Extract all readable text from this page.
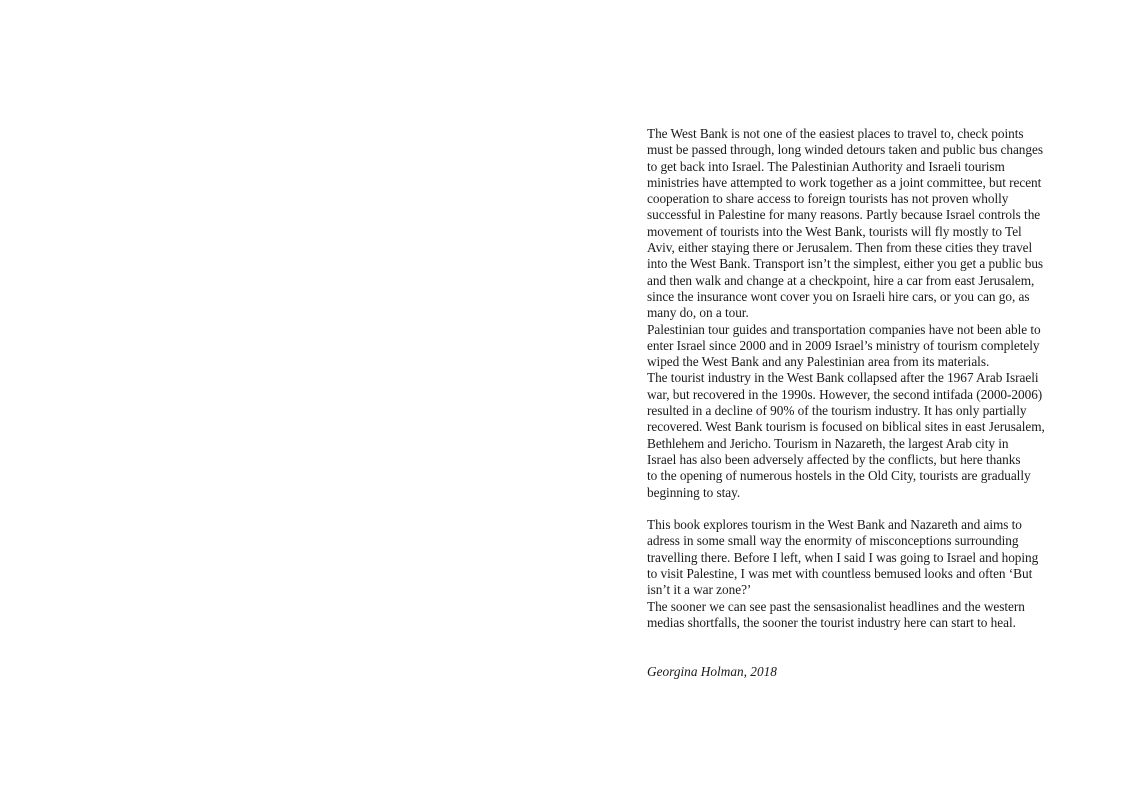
The West Bank is not one of the easiest places to travel to, check points
must be passed through, long winded detours taken and public bus changes
to get back into Israel. The Palestinian Authority and Israeli tourism
ministries have attempted to work together as a joint committee, but recent
cooperation to share access to foreign tourists has not proven wholly
successful in Palestine for many reasons. Partly because Israel controls the
movement of tourists into the West Bank, tourists will fly mostly to Tel
Aviv, either staying there or Jerusalem. Then from these cities they travel
into the West Bank. Transport isn’t the simplest, either you get a public bus
and then walk and change at a checkpoint, hire a car from east Jerusalem,
since the insurance wont cover you on Israeli hire cars, or you can go, as
many do, on a tour.
Palestinian tour guides and transportation companies have not been able to
enter Israel since 2000 and in 2009 Israel’s ministry of tourism completely
wiped the West Bank and any Palestinian area from its materials.
The tourist industry in the West Bank collapsed after the 1967 Arab Israeli
war, but recovered in the 1990s. However, the second intifada (2000-2006)
resulted in a decline of 90% of the tourism industry. It has only partially
recovered. West Bank tourism is focused on biblical sites in east Jerusalem,
Bethlehem and Jericho. Tourism in Nazareth, the largest Arab city in
Israel has also been adversely affected by the conflicts, but here thanks
to the opening of numerous hostels in the Old City, tourists are gradually
beginning to stay.
This book explores tourism in the West Bank and Nazareth and aims to
adress in some small way the enormity of misconceptions surrounding
travelling there. Before I left, when I said I was going to Israel and hoping
to visit Palestine, I was met with countless bemused looks and often ‘But
isn’t it a war zone?’
The sooner we can see past the sensasionalist headlines and the western
medias shortfalls, the sooner the tourist industry here can start to heal.
Georgina Holman, 2018
